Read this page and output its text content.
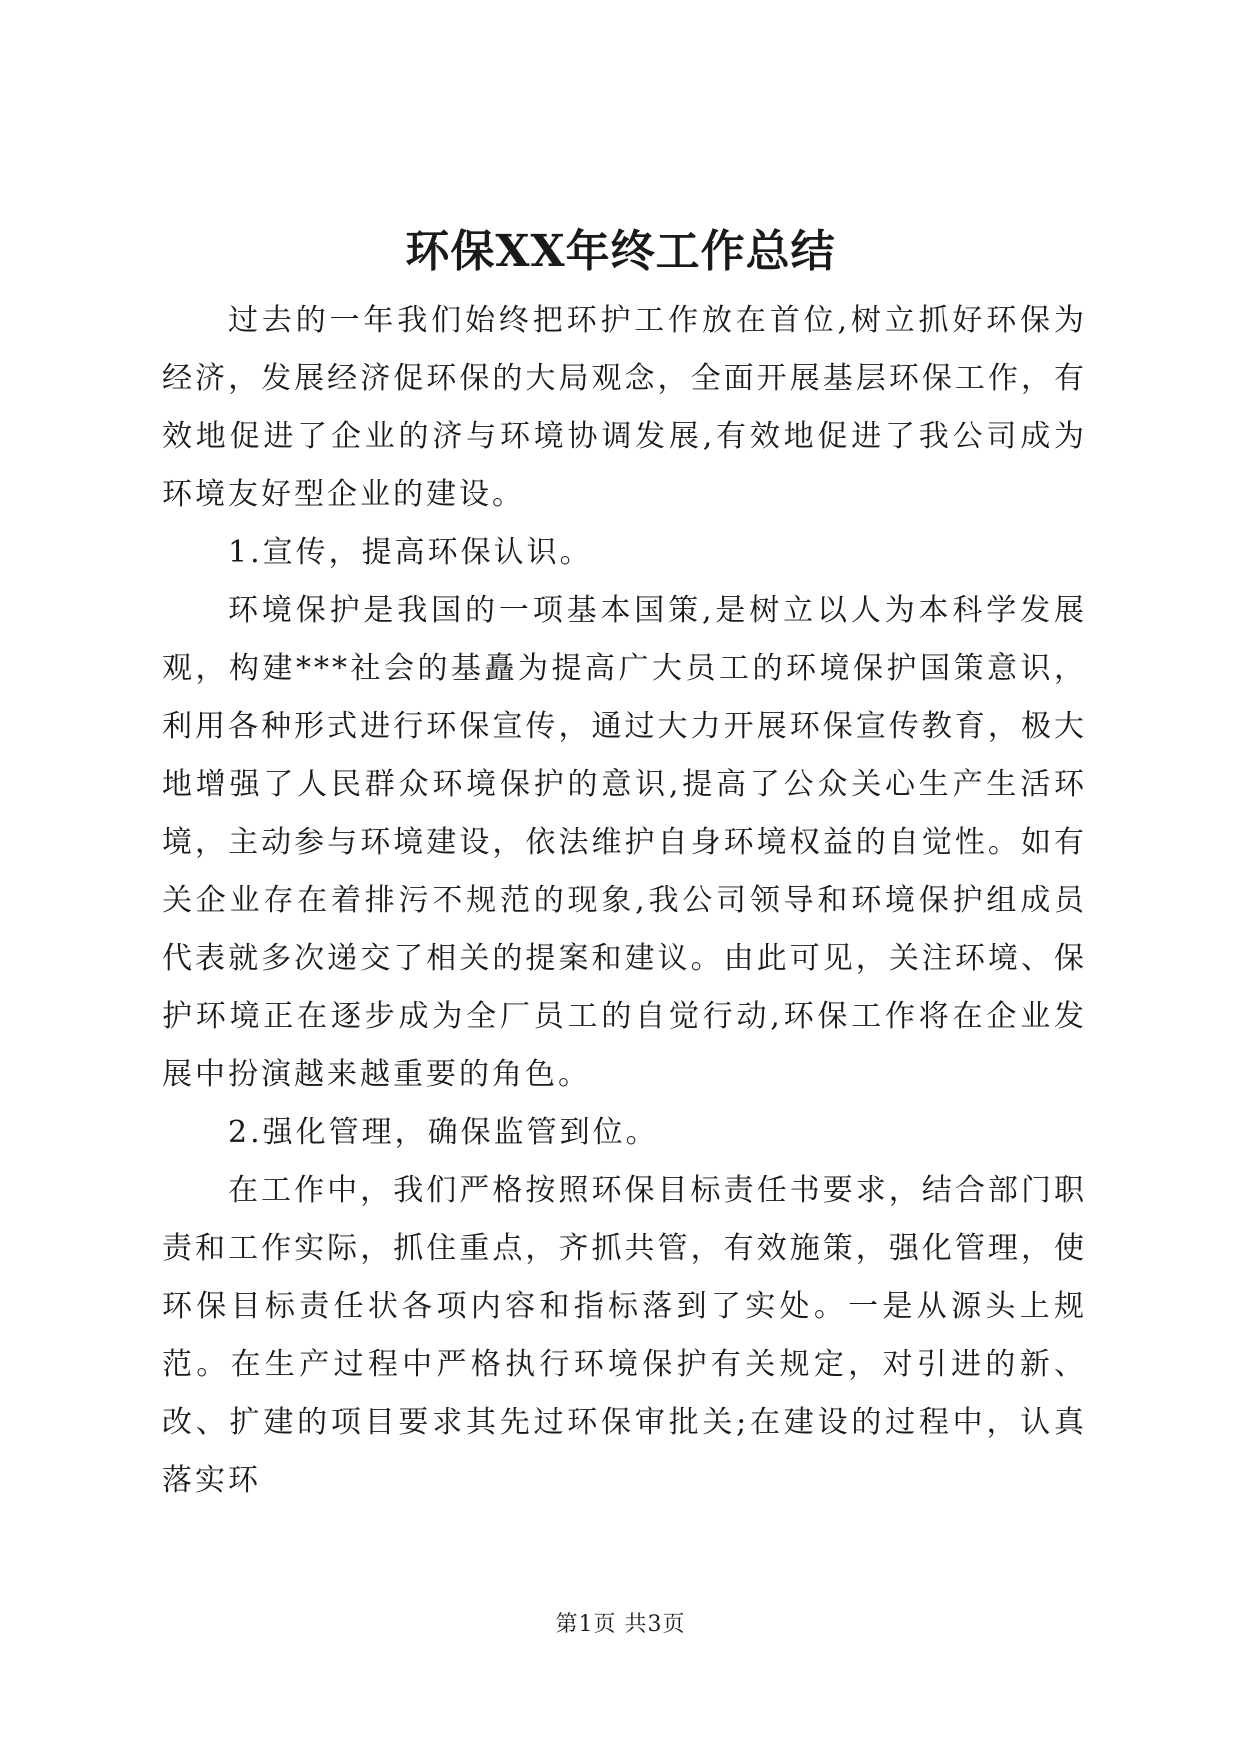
环保XX年终工作总结

过去的一年我们始终把环护工作放在首位,树立抓好环保为经济，发展经济促环保的大局观念，全面开展基层环保工作，有效地促进了企业的济与环境协调发展,有效地促进了我公司成为环境友好型企业的建设。

1.宣传，提高环保认识。

环境保护是我国的一项基本国策,是树立以人为本科学发展观，构建***社会的基矗为提高广大员工的环境保护国策意识，利用各种形式进行环保宣传，通过大力开展环保宣传教育，极大地增强了人民群众环境保护的意识,提高了公众关心生产生活环境，主动参与环境建设，依法维护自身环境权益的自觉性。如有关企业存在着排污不规范的现象,我公司领导和环境保护组成员代表就多次递交了相关的提案和建议。由此可见，关注环境、保护环境正在逐步成为全厂员工的自觉行动,环保工作将在企业发展中扮演越来越重要的角色。

2.强化管理，确保监管到位。

在工作中，我们严格按照环保目标责任书要求，结合部门职责和工作实际，抓住重点，齐抓共管，有效施策，强化管理，使环保目标责任状各项内容和指标落到了实处。一是从源头上规范。在生产过程中严格执行环境保护有关规定，对引进的新、改、扩建的项目要求其先过环保审批关;在建设的过程中，认真落实环

第1页 共3页
